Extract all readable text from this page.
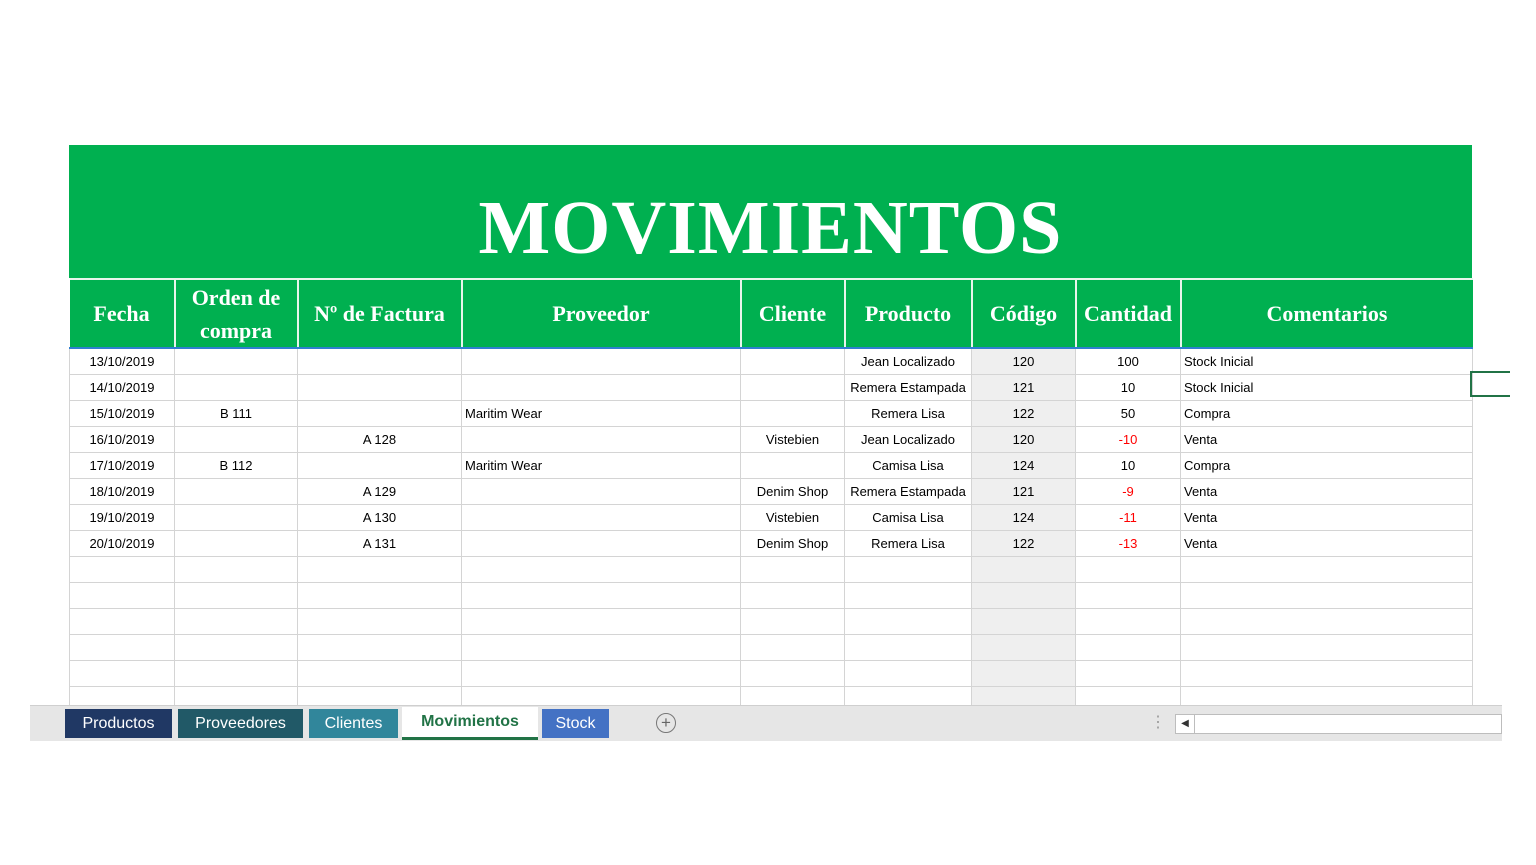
MOVIMIENTOS
Fecha	Orden de compra	Nº de Factura	Proveedor	Cliente	Producto	Código	Cantidad	Comentarios
13/10/2019					Jean Localizado	120	100	Stock Inicial
14/10/2019					Remera Estampada	121	10	Stock Inicial
15/10/2019	B 111		Maritim Wear		Remera Lisa	122	50	Compra
16/10/2019		A 128		Vistebien	Jean Localizado	120	-10	Venta
17/10/2019	B 112		Maritim Wear		Camisa Lisa	124	10	Compra
18/10/2019		A 129		Denim Shop	Remera Estampada	121	-9	Venta
19/10/2019		A 130		Vistebien	Camisa Lisa	124	-11	Venta
20/10/2019		A 131		Denim Shop	Remera Lisa	122	-13	Venta

Productos	Proveedores	Clientes	Movimientos	Stock	+	⋮	◀
